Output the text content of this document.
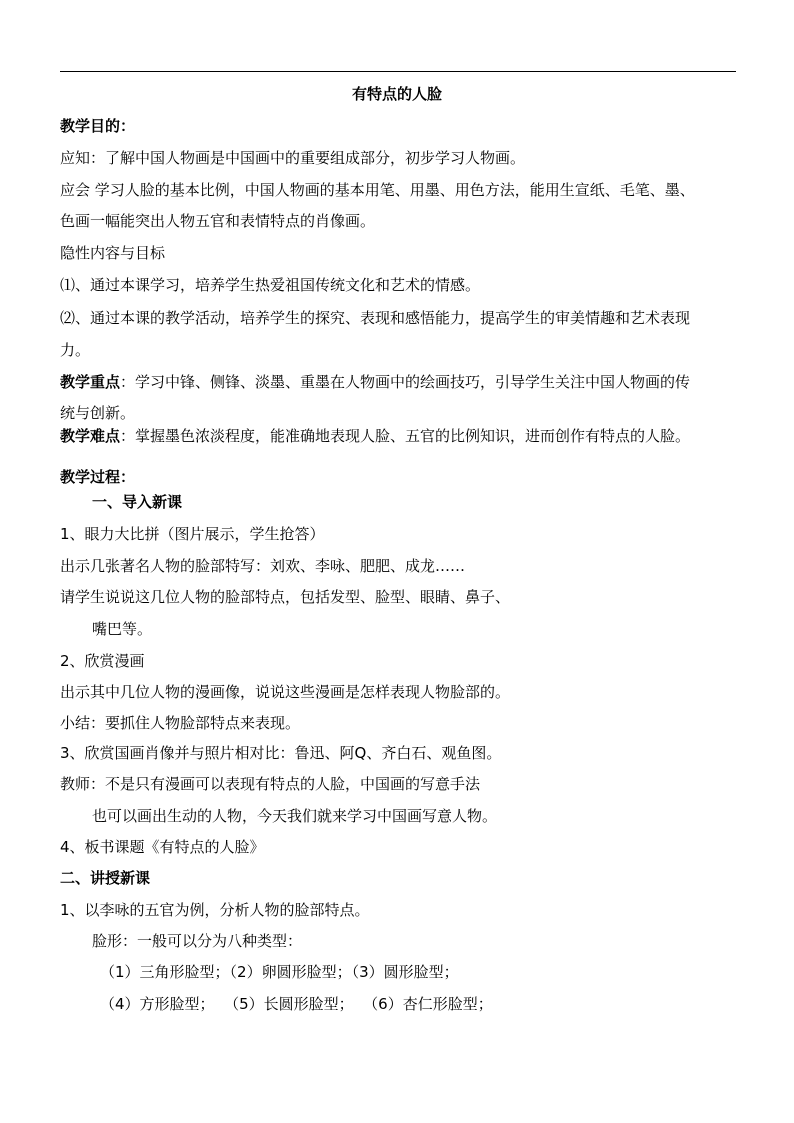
有特点的人脸
教学目的：
应知：了解中国人物画是中国画中的重要组成部分，初步学习人物画。
应会 学习人脸的基本比例，中国人物画的基本用笔、用墨、用色方法，能用生宣纸、毛笔、墨、
色画一幅能突出人物五官和表情特点的肖像画。
隐性内容与目标
⑴、通过本课学习，培养学生热爱祖国传统文化和艺术的情感。
⑵、通过本课的教学活动，培养学生的探究、表现和感悟能力，提高学生的审美情趣和艺术表现
力。
教学重点：学习中锋、侧锋、淡墨、重墨在人物画中的绘画技巧，引导学生关注中国人物画的传
统与创新。
教学难点：掌握墨色浓淡程度，能准确地表现人脸、五官的比例知识，进而创作有特点的人脸。
教学过程：
一、导入新课
1、眼力大比拼（图片展示，学生抢答）
出示几张著名人物的脸部特写：刘欢、李咏、肥肥、成龙……
请学生说说这几位人物的脸部特点，包括发型、脸型、眼睛、鼻子、
嘴巴等。
2、欣赏漫画
出示其中几位人物的漫画像，说说这些漫画是怎样表现人物脸部的。
小结：要抓住人物脸部特点来表现。
3、欣赏国画肖像并与照片相对比：鲁迅、阿Q、齐白石、观鱼图。
教师：不是只有漫画可以表现有特点的人脸，中国画的写意手法
也可以画出生动的人物，今天我们就来学习中国画写意人物。
4、板书课题《有特点的人脸》
二、讲授新课
1、以李咏的五官为例，分析人物的脸部特点。
脸形：一般可以分为八种类型：
（1）三角形脸型；（2）卵圆形脸型；（3）圆形脸型；
（4）方形脸型；  （5）长圆形脸型；  （6）杏仁形脸型；
